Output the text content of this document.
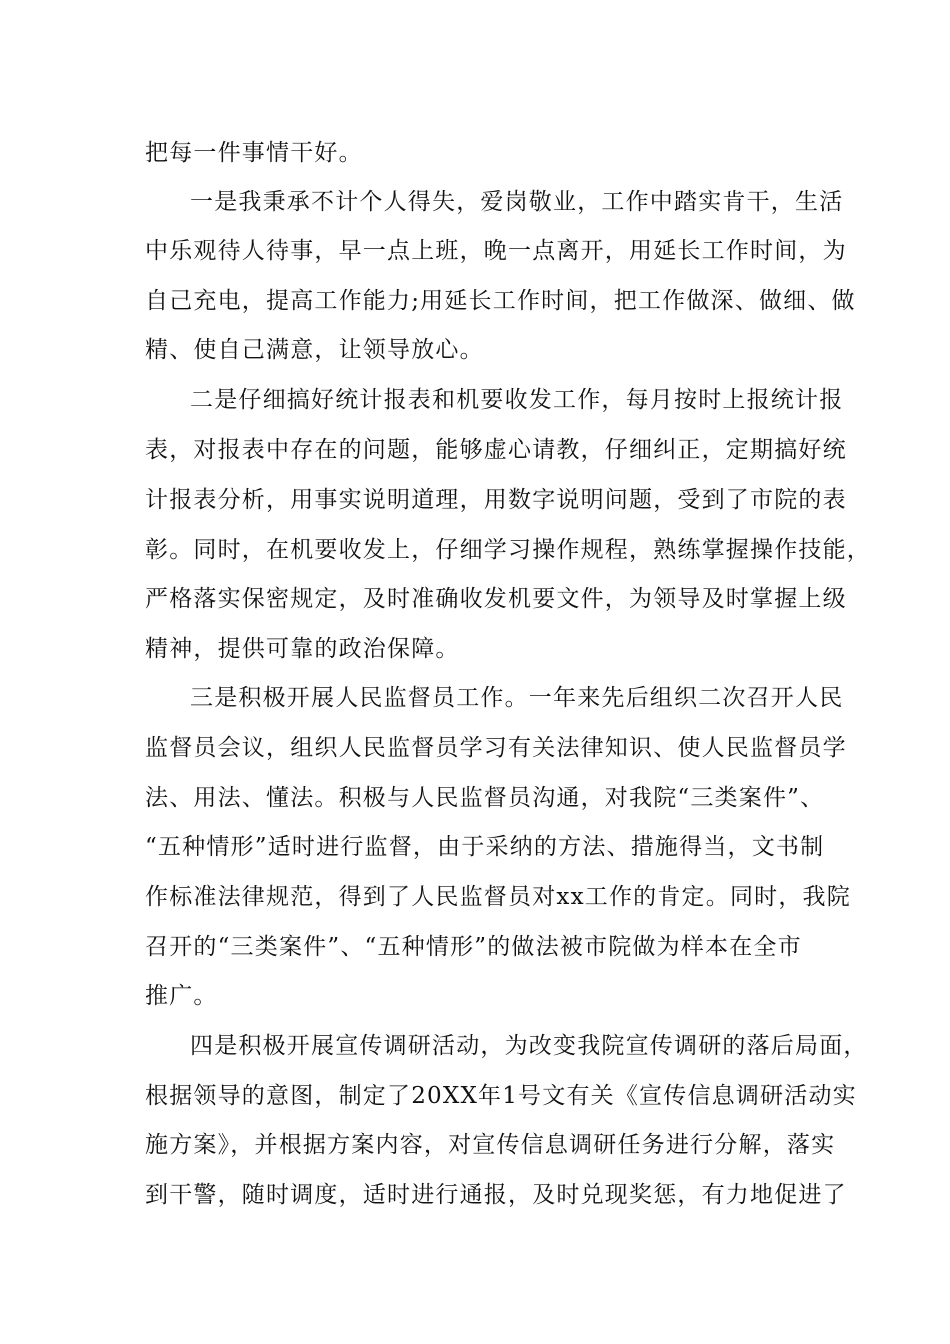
把每一件事情干好。
一是我秉承不计个人得失，爱岗敬业，工作中踏实肯干，生活
中乐观待人待事，早一点上班，晚一点离开，用延长工作时间，为
自己充电，提高工作能力;用延长工作时间，把工作做深、做细、做
精、使自己满意，让领导放心。
二是仔细搞好统计报表和机要收发工作，每月按时上报统计报
表，对报表中存在的问题，能够虚心请教，仔细纠正，定期搞好统
计报表分析，用事实说明道理，用数字说明问题，受到了市院的表
彰。同时，在机要收发上，仔细学习操作规程，熟练掌握操作技能，
严格落实保密规定，及时准确收发机要文件，为领导及时掌握上级
精神，提供可靠的政治保障。
三是积极开展人民监督员工作。一年来先后组织二次召开人民
监督员会议，组织人民监督员学习有关法律知识、使人民监督员学
法、用法、懂法。积极与人民监督员沟通，对我院“三类案件”、
“五种情形”适时进行监督，由于采纳的方法、措施得当，文书制
作标准法律规范，得到了人民监督员对xx工作的肯定。同时，我院
召开的“三类案件”、“五种情形”的做法被市院做为样本在全市
推广。
四是积极开展宣传调研活动，为改变我院宣传调研的落后局面，
根据领导的意图，制定了20XX年1号文有关《宣传信息调研活动实
施方案》，并根据方案内容，对宣传信息调研任务进行分解，落实
到干警，随时调度，适时进行通报，及时兑现奖惩，有力地促进了
